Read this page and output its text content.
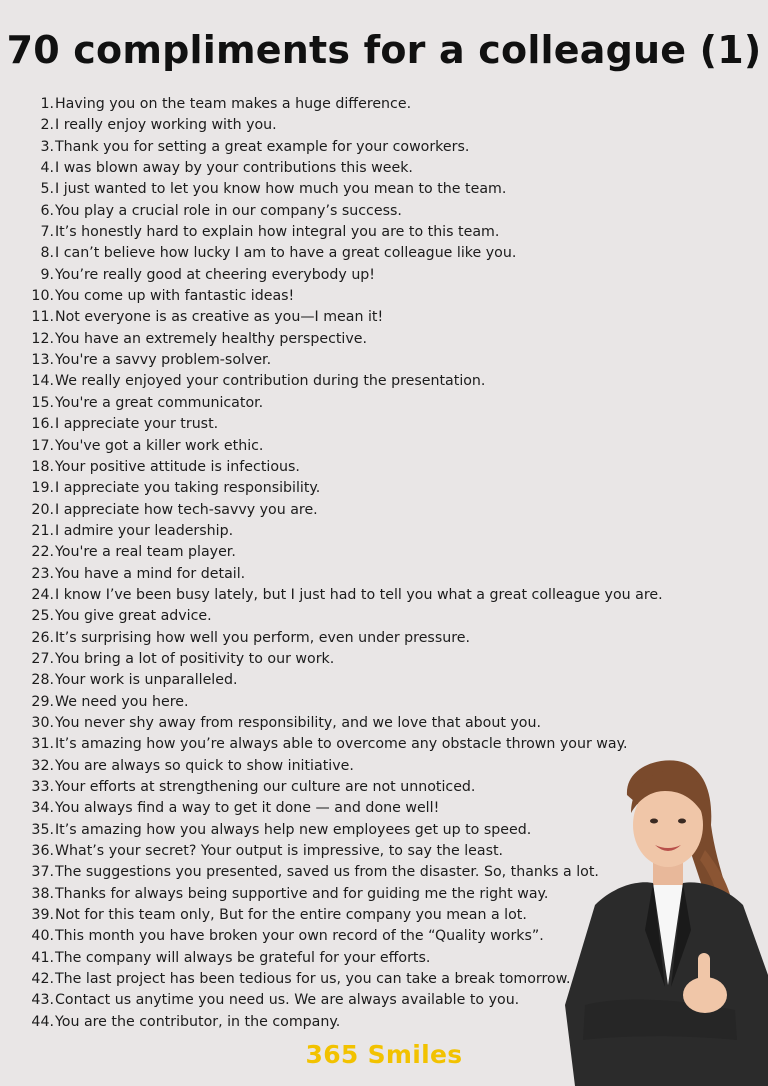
70 compliments for a colleague (1)
1. Having you on the team makes a huge difference.
2. I really enjoy working with you.
3. Thank you for setting a great example for your coworkers.
4. I was blown away by your contributions this week.
5. I just wanted to let you know how much you mean to the team.
6. You play a crucial role in our company’s success.
7. It’s honestly hard to explain how integral you are to this team.
8. I can’t believe how lucky I am to have a great colleague like you.
9. You’re really good at cheering everybody up!
10. You come up with fantastic ideas!
11. Not everyone is as creative as you—I mean it!
12. You have an extremely healthy perspective.
13. You're a savvy problem-solver.
14. We really enjoyed your contribution during the presentation.
15. You're a great communicator.
16. I appreciate your trust.
17. You've got a killer work ethic.
18. Your positive attitude is infectious.
19. I appreciate you taking responsibility.
20. I appreciate how tech-savvy you are.
21. I admire your leadership.
22. You're a real team player.
23. You have a mind for detail.
24. I know I’ve been busy lately, but I just had to tell you what a great colleague you are.
25. You give great advice.
26. It’s surprising how well you perform, even under pressure.
27. You bring a lot of positivity to our work.
28. Your work is unparalleled.
29. We need you here.
30. You never shy away from responsibility, and we love that about you.
31. It’s amazing how you’re always able to overcome any obstacle thrown your way.
32. You are always so quick to show initiative.
33. Your efforts at strengthening our culture are not unnoticed.
34. You always find a way to get it done — and done well!
35. It’s amazing how you always help new employees get up to speed.
36. What’s your secret? Your output is impressive, to say the least.
37. The suggestions you presented, saved us from the disaster. So, thanks a lot.
38. Thanks for always being supportive and for guiding me the right way.
39. Not for this team only, But for the entire company you mean a lot.
40. This month you have broken your own record of the “Quality works”.
41. The company will always be grateful for your efforts.
42. The last project has been tedious for us, you can take a break tomorrow.
43. Contact us anytime you need us. We are always available to you.
44. You are the contributor, in the company.
365 Smiles
